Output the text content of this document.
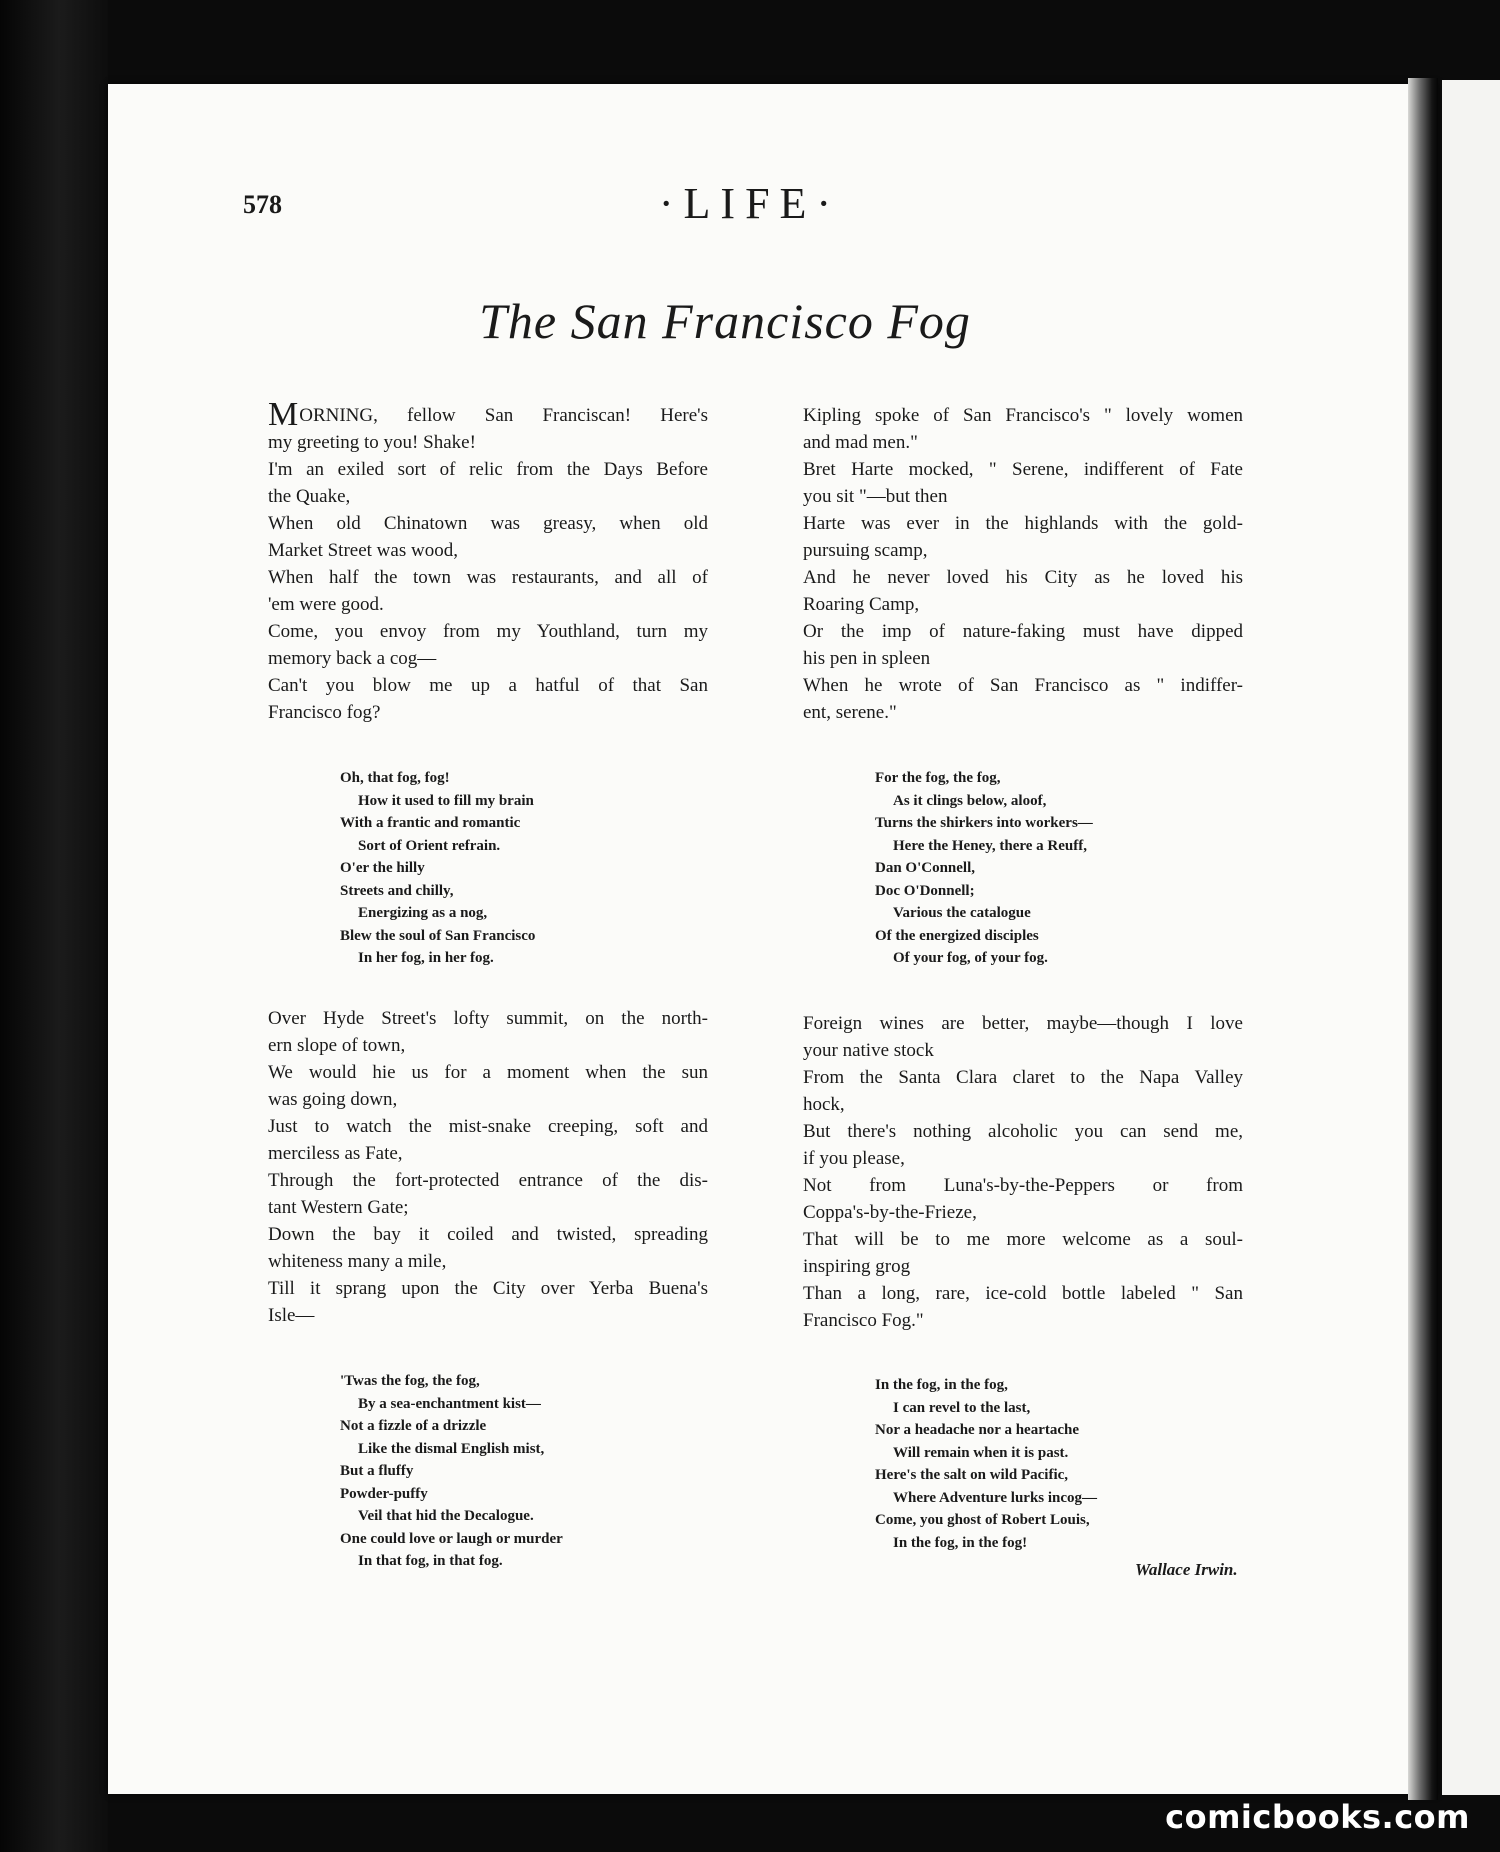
578	·LIFE·
The San Francisco Fog
MORNING, fellow San Franciscan! Here's
my greeting to you! Shake!
I'm an exiled sort of relic from the Days Before
the Quake,
When old Chinatown was greasy, when old
Market Street was wood,
When half the town was restaurants, and all of
'em were good.
Come, you envoy from my Youthland, turn my
memory back a cog—
Can't you blow me up a hatful of that San
Francisco fog?
Oh, that fog, fog!
How it used to fill my brain
With a frantic and romantic
Sort of Orient refrain.
O'er the hilly
Streets and chilly,
Energizing as a nog,
Blew the soul of San Francisco
In her fog, in her fog.
Over Hyde Street's lofty summit, on the north-
ern slope of town,
We would hie us for a moment when the sun
was going down,
Just to watch the mist-snake creeping, soft and
merciless as Fate,
Through the fort-protected entrance of the dis-
tant Western Gate;
Down the bay it coiled and twisted, spreading
whiteness many a mile,
Till it sprang upon the City over Yerba Buena's
Isle—
'Twas the fog, the fog,
By a sea-enchantment kist—
Not a fizzle of a drizzle
Like the dismal English mist,
But a fluffy
Powder-puffy
Veil that hid the Decalogue.
One could love or laugh or murder
In that fog, in that fog.
Kipling spoke of San Francisco's " lovely women
and mad men."
Bret Harte mocked, " Serene, indifferent of Fate
you sit "—but then
Harte was ever in the highlands with the gold-
pursuing scamp,
And he never loved his City as he loved his
Roaring Camp,
Or the imp of nature-faking must have dipped
his pen in spleen
When he wrote of San Francisco as " indiffer-
ent, serene."
For the fog, the fog,
As it clings below, aloof,
Turns the shirkers into workers—
Here the Heney, there a Reuff,
Dan O'Connell,
Doc O'Donnell;
Various the catalogue
Of the energized disciples
Of your fog, of your fog.
Foreign wines are better, maybe—though I love
your native stock
From the Santa Clara claret to the Napa Valley
hock,
But there's nothing alcoholic you can send me,
if you please,
Not from Luna's-by-the-Peppers or from
Coppa's-by-the-Frieze,
That will be to me more welcome as a soul-
inspiring grog
Than a long, rare, ice-cold bottle labeled " San
Francisco Fog."
In the fog, in the fog,
I can revel to the last,
Nor a headache nor a heartache
Will remain when it is past.
Here's the salt on wild Pacific,
Where Adventure lurks incog—
Come, you ghost of Robert Louis,
In the fog, in the fog!
Wallace Irwin.
comicbooks.com
